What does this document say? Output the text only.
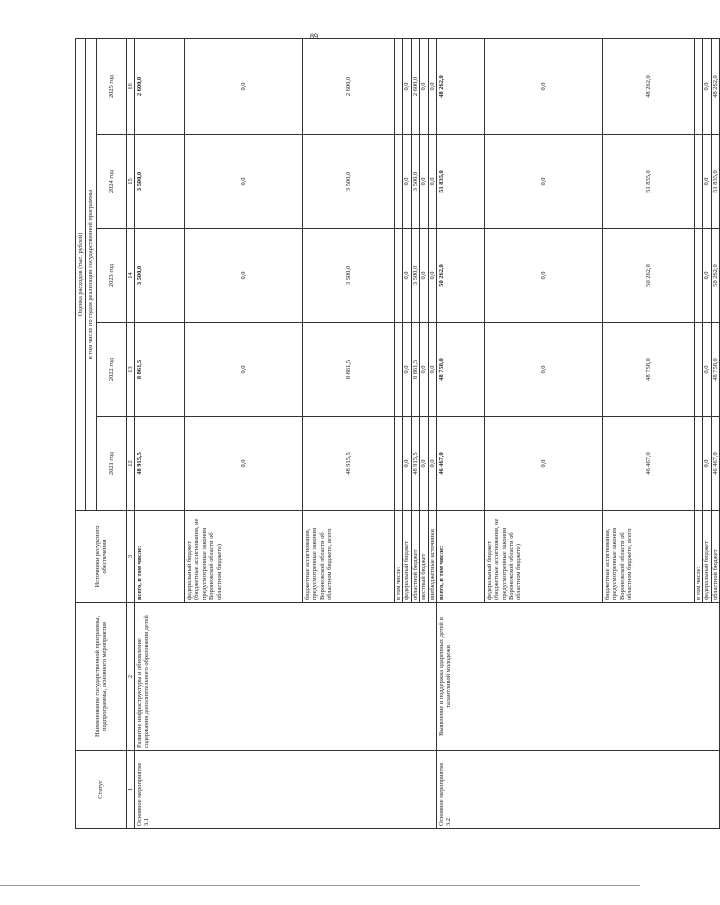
89
Статус	Наименование государственной программы, подпрограммы, основного мероприятия	Источники ресурсного обеспечения	Оценка расходов (тыс. рублей)				
			в том числе по годам реализации государственной программы				
			2021 год	2022 год	2023 год	2024 год	2025 год
1	2	3	12	13	14	15	16
Основное мероприятие 3.1	Развитие инфраструктуры и обновление содержания дополнительного образования детей	всего, в том числе:	48 915,5	8 861,5	3 500,0	3 500,0	2 600,0
		федеральный бюджет (бюджетные ассигнования, не предусмотренные законом Воронежской области об областном бюджете)	0,0	0,0	0,0	0,0	0,0
		бюджетные ассигнования, предусмотренные законом Воронежской области об областном бюджете, всего	48 915,5	8 861,5	3 500,0	3 500,0	2 600,0
		в том числе:					
		федеральный бюджет	0,0	0,0	0,0	0,0	0,0
		областной бюджет	48 915,5	8 861,5	3 500,0	3 500,0	2 600,0
		местный бюджет	0,0	0,0	0,0	0,0	0,0
		внебюджетные источники	0,0	0,0	0,0	0,0	0,0
Основное мероприятие 3.2	Выявление и поддержка одаренных детей и талантливой молодежи	всего, в том числе:	46 467,0	48 758,0	50 262,0	51 835,0	48 262,0
		федеральный бюджет (бюджетные ассигнования, не предусмотренные законом Воронежской области об областном бюджете)	0,0	0,0	0,0	0,0	0,0
		бюджетные ассигнования, предусмотренные законом Воронежской области об областном бюджете, всего	46 467,0	48 758,0	50 262,0	51 835,0	48 262,0
		в том числе:					
		федеральный бюджет	0,0	0,0	0,0	0,0	0,0
		областной бюджет	46 467,0	48 758,0	50 262,0	51 835,0	48 262,0
